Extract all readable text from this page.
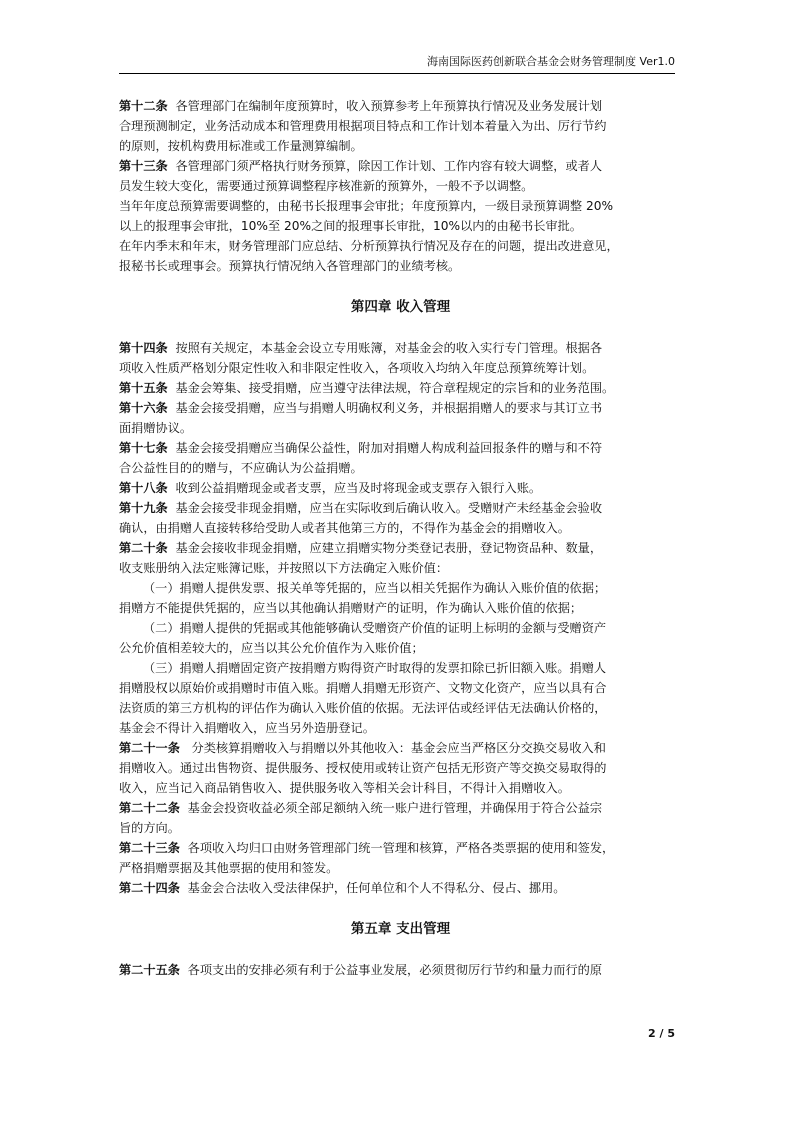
海南国际医药创新联合基金会财务管理制度 Ver1.0
第十二条  各管理部门在编制年度预算时，收入预算参考上年预算执行情况及业务发展计划
合理预测制定，业务活动成本和管理费用根据项目特点和工作计划本着量入为出、厉行节约
的原则，按机构费用标准或工作量测算编制。
第十三条  各管理部门须严格执行财务预算，除因工作计划、工作内容有较大调整，或者人
员发生较大变化，需要通过预算调整程序核准新的预算外，一般不予以调整。
当年年度总预算需要调整的，由秘书长报理事会审批；年度预算内，一级目录预算调整 20%
以上的报理事会审批，10%至 20%之间的报理事长审批，10%以内的由秘书长审批。
在年内季末和年末，财务管理部门应总结、分析预算执行情况及存在的问题，提出改进意见，
报秘书长或理事会。预算执行情况纳入各管理部门的业绩考核。
第四章 收入管理
第十四条  按照有关规定，本基金会设立专用账簿，对基金会的收入实行专门管理。根据各
项收入性质严格划分限定性收入和非限定性收入，各项收入均纳入年度总预算统筹计划。
第十五条  基金会筹集、接受捐赠，应当遵守法律法规，符合章程规定的宗旨和的业务范围。
第十六条  基金会接受捐赠，应当与捐赠人明确权利义务，并根据捐赠人的要求与其订立书
面捐赠协议。
第十七条  基金会接受捐赠应当确保公益性，附加对捐赠人构成利益回报条件的赠与和不符
合公益性目的的赠与，不应确认为公益捐赠。
第十八条  收到公益捐赠现金或者支票，应当及时将现金或支票存入银行入账。
第十九条  基金会接受非现金捐赠，应当在实际收到后确认收入。受赠财产未经基金会验收
确认，由捐赠人直接转移给受助人或者其他第三方的，不得作为基金会的捐赠收入。
第二十条  基金会接收非现金捐赠，应建立捐赠实物分类登记表册，登记物资品种、数量，
收支账册纳入法定账簿记账，并按照以下方法确定入账价值：
（一）捐赠人提供发票、报关单等凭据的，应当以相关凭据作为确认入账价值的依据；
捐赠方不能提供凭据的，应当以其他确认捐赠财产的证明，作为确认入账价值的依据；
（二）捐赠人提供的凭据或其他能够确认受赠资产价值的证明上标明的金额与受赠资产
公允价值相差较大的，应当以其公允价值作为入账价值；
（三）捐赠人捐赠固定资产按捐赠方购得资产时取得的发票扣除已折旧额入账。捐赠人
捐赠股权以原始价或捐赠时市值入账。捐赠人捐赠无形资产、文物文化资产，应当以具有合
法资质的第三方机构的评估作为确认入账价值的依据。无法评估或经评估无法确认价格的，
基金会不得计入捐赠收入，应当另外造册登记。
第二十一条   分类核算捐赠收入与捐赠以外其他收入：基金会应当严格区分交换交易收入和
捐赠收入。通过出售物资、提供服务、授权使用或转让资产包括无形资产等交换交易取得的
收入，应当记入商品销售收入、提供服务收入等相关会计科目，不得计入捐赠收入。
第二十二条  基金会投资收益必须全部足额纳入统一账户进行管理，并确保用于符合公益宗
旨的方向。
第二十三条  各项收入均归口由财务管理部门统一管理和核算，严格各类票据的使用和签发，
严格捐赠票据及其他票据的使用和签发。
第二十四条  基金会合法收入受法律保护，任何单位和个人不得私分、侵占、挪用。
第五章 支出管理
第二十五条  各项支出的安排必须有利于公益事业发展，必须贯彻厉行节约和量力而行的原
2 / 5
